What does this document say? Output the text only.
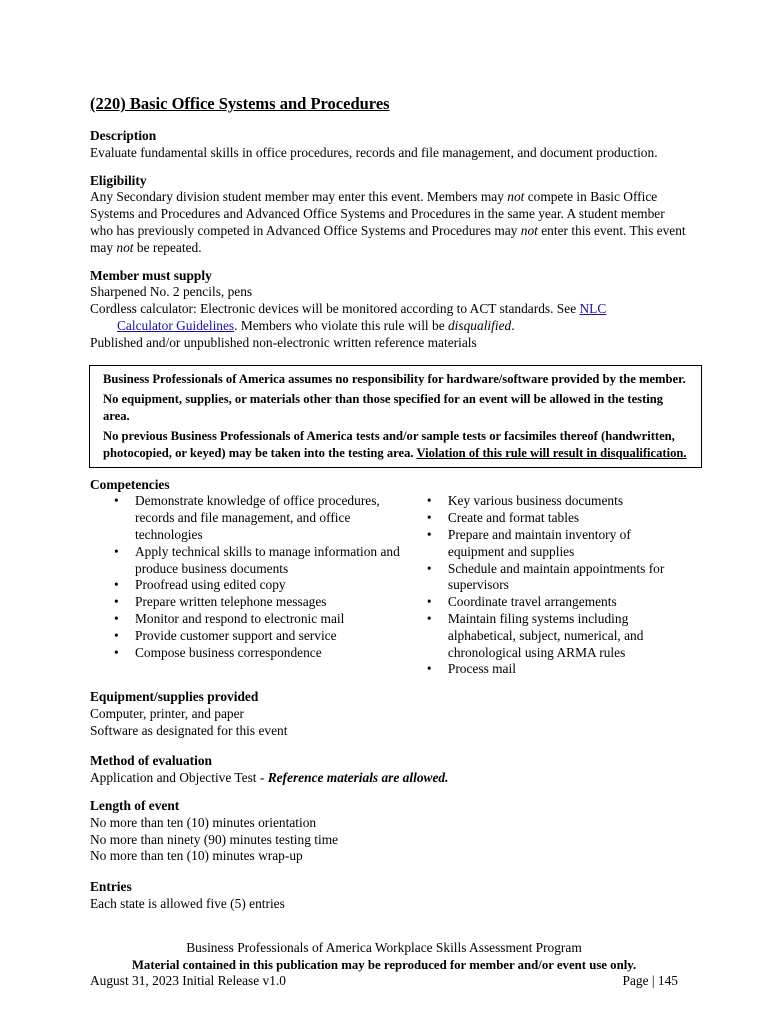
(220) Basic Office Systems and Procedures
Description
Evaluate fundamental skills in office procedures, records and file management, and document production.
Eligibility
Any Secondary division student member may enter this event. Members may not compete in Basic Office Systems and Procedures and Advanced Office Systems and Procedures in the same year. A student member who has previously competed in Advanced Office Systems and Procedures may not enter this event. This event may not be repeated.
Member must supply
Sharpened No. 2 pencils, pens
Cordless calculator: Electronic devices will be monitored according to ACT standards. See NLC
Calculator Guidelines. Members who violate this rule will be disqualified.
Published and/or unpublished non-electronic written reference materials

Business Professionals of America assumes no responsibility for hardware/software provided by the member.

No equipment, supplies, or materials other than those specified for an event will be allowed in the testing area.

No previous Business Professionals of America tests and/or sample tests or facsimiles thereof (handwritten, photocopied, or keyed) may be taken into the testing area. Violation of this rule will result in disqualification.

Competencies
• Demonstrate knowledge of office procedures, records and file management, and office technologies
• Apply technical skills to manage information and produce business documents
• Proofread using edited copy
• Prepare written telephone messages
• Monitor and respond to electronic mail
• Provide customer support and service
• Compose business correspondence
• Key various business documents
• Create and format tables
• Prepare and maintain inventory of equipment and supplies
• Schedule and maintain appointments for supervisors
• Coordinate travel arrangements
• Maintain filing systems including alphabetical, subject, numerical, and chronological using ARMA rules
• Process mail
Equipment/supplies provided
Computer, printer, and paper
Software as designated for this event
Method of evaluation
Application and Objective Test - Reference materials are allowed.
Length of event
No more than ten (10) minutes orientation
No more than ninety (90) minutes testing time
No more than ten (10) minutes wrap-up
Entries
Each state is allowed five (5) entries
Business Professionals of America Workplace Skills Assessment Program
Material contained in this publication may be reproduced for member and/or event use only.
August 31, 2023 Initial Release v1.0	Page | 145
